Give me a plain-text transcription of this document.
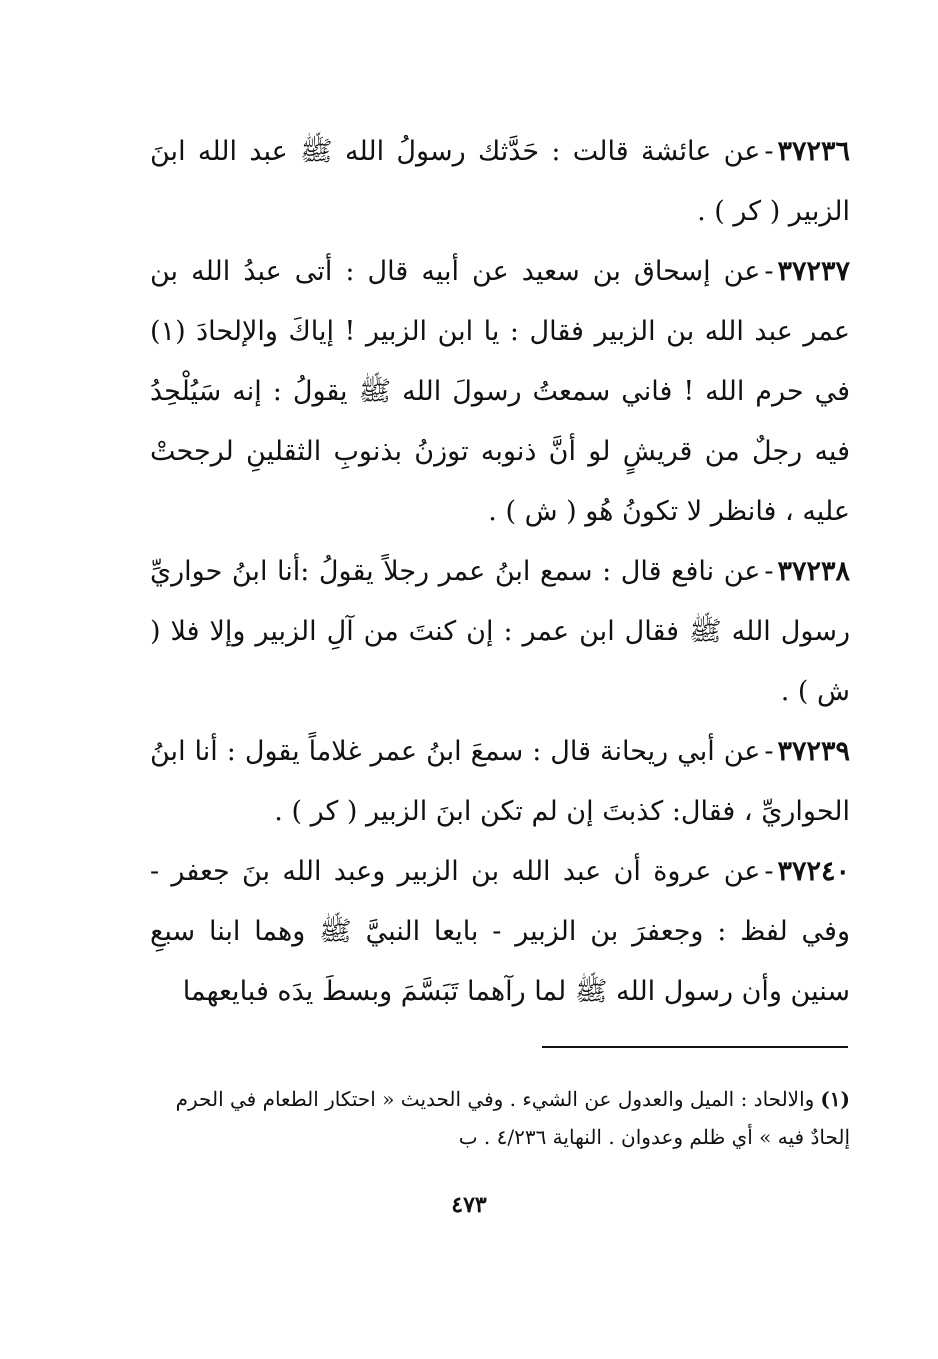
٣٧٢٣٦-عن عائشة قالت : حَدَّثك رسولُ الله ﷺ عبد الله ابنَ الزبير ( كر ) .

٣٧٢٣٧-عن إسحاق بن سعيد عن أبيه قال : أتى عبدُ الله بن عمر عبد الله بن الزبير فقال : يا ابن الزبير ! إياكَ والإلحادَ (١) في حرم الله ! فاني سمعتُ رسولَ الله ﷺ يقولُ : إنه سَيُلْحِدُ فيه رجلٌ من قريشٍ لو أنَّ ذنوبه توزنُ بذنوبِ الثقلينِ لرجحتْ عليه ، فانظر لا تكونُ هُو ( ش ) .

٣٧٢٣٨-عن نافع قال : سمع ابنُ عمر رجلاً يقولُ :أنا ابنُ حواريِّ رسول الله ﷺ فقال ابن عمر : إن كنتَ من آلِ الزبير وإلا فلا ( ش ) .

٣٧٢٣٩-عن أبي ريحانة قال : سمعَ ابنُ عمر غلاماً يقول : أنا ابنُ الحواريِّ ، فقال: كذبتَ إن لم تكن ابنَ الزبير ( كر ) .

٣٧٢٤٠-عن عروة أن عبد الله بن الزبير وعبد الله بنَ جعفر - وفي لفظ : وجعفرَ بن الزبير - بايعا النبيَّ ﷺ وهما ابنا سبعِ سنين وأن رسول الله ﷺ لما رآهما تَبَسَّمَ وبسطَ يدَه فبايعهما

(١)والالحاد : الميل والعدول عن الشيء . وفي الحديث « احتكار الطعام في الحرم إلحادٌ فيه » أي ظلم وعدوان . النهاية ٤/٢٣٦ . ب
٤٧٣
